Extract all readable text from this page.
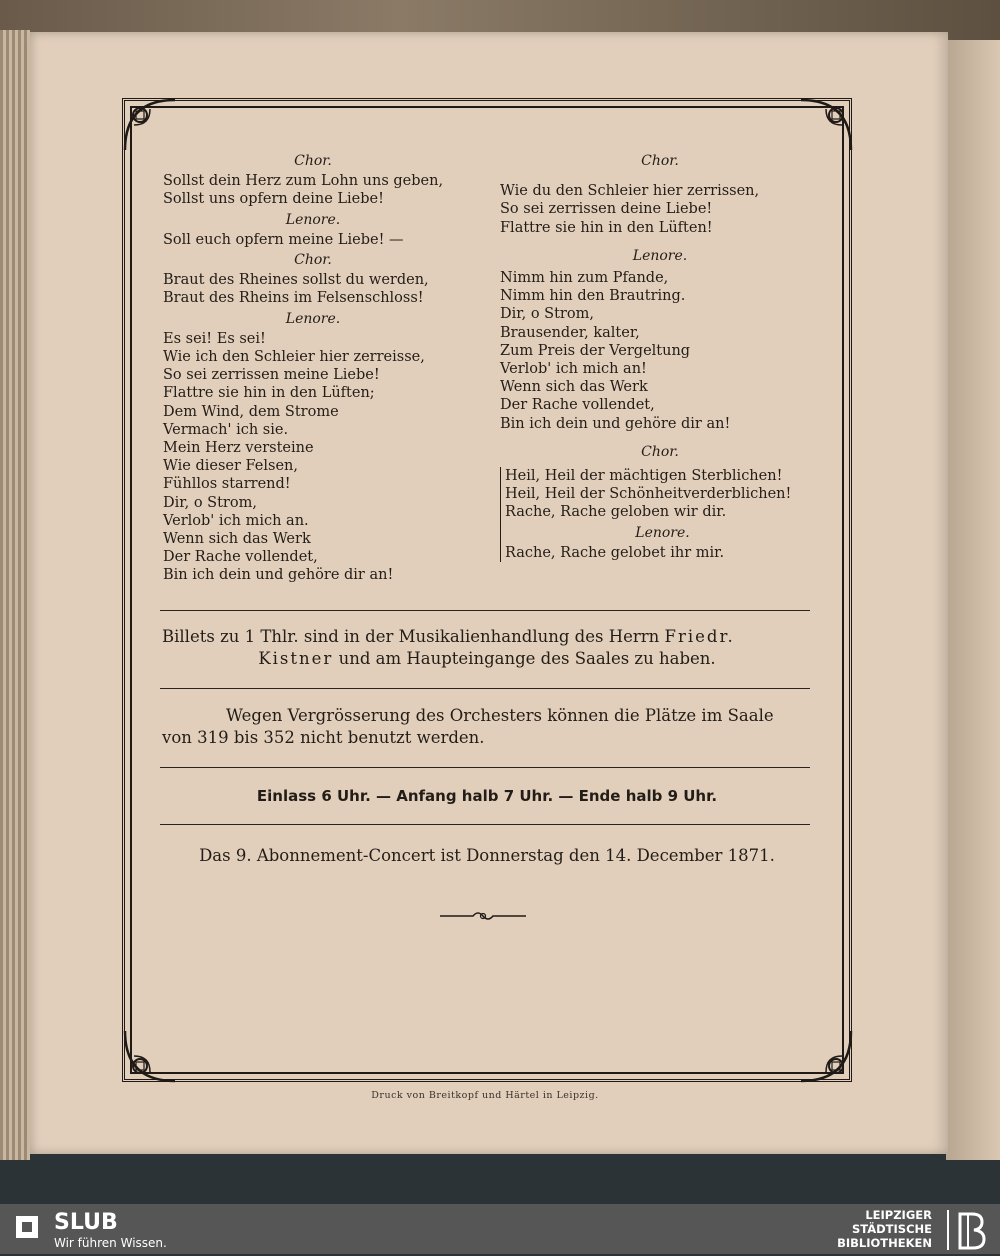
Chor.
Sollst dein Herz zum Lohn uns geben,
Sollst uns opfern deine Liebe!
Lenore.
Soll euch opfern meine Liebe! —
Chor.
Braut des Rheines sollst du werden,
Braut des Rheins im Felsenschloss!
Lenore.
Es sei! Es sei!
Wie ich den Schleier hier zerreisse,
So sei zerrissen meine Liebe!
Flattre sie hin in den Lüften;
Dem Wind, dem Strome
Vermach' ich sie.
Mein Herz versteine
Wie dieser Felsen,
Fühllos starrend!
Dir, o Strom,
Verlob' ich mich an.
Wenn sich das Werk
Der Rache vollendet,
Bin ich dein und gehöre dir an!
Chor.
Wie du den Schleier hier zerrissen,
So sei zerrissen deine Liebe!
Flattre sie hin in den Lüften!
Lenore.
Nimm hin zum Pfande,
Nimm hin den Brautring.
Dir, o Strom,
Brausender, kalter,
Zum Preis der Vergeltung
Verlob' ich mich an!
Wenn sich das Werk
Der Rache vollendet,
Bin ich dein und gehöre dir an!
Chor.
Heil, Heil der mächtigen Sterblichen!
Heil, Heil der Schönheitverderblichen!
Rache, Rache geloben wir dir.
Lenore.
Rache, Rache gelobet ihr mir.
Billets zu 1 Thlr. sind in der Musikalienhandlung des Herrn Friedr.
Kistner und am Haupteingange des Saales zu haben.
Wegen Vergrösserung des Orchesters können die Plätze im Saale
von 319 bis 352 nicht benutzt werden.
Einlass 6 Uhr. — Anfang halb 7 Uhr. — Ende halb 9 Uhr.
Das 9. Abonnement-Concert ist Donnerstag den 14. December 1871.
Druck von Breitkopf und Härtel in Leipzig.
SLUB
Wir führen Wissen.
LEIPZIGER
STÄDTISCHE
BIBLIOTHEKEN
